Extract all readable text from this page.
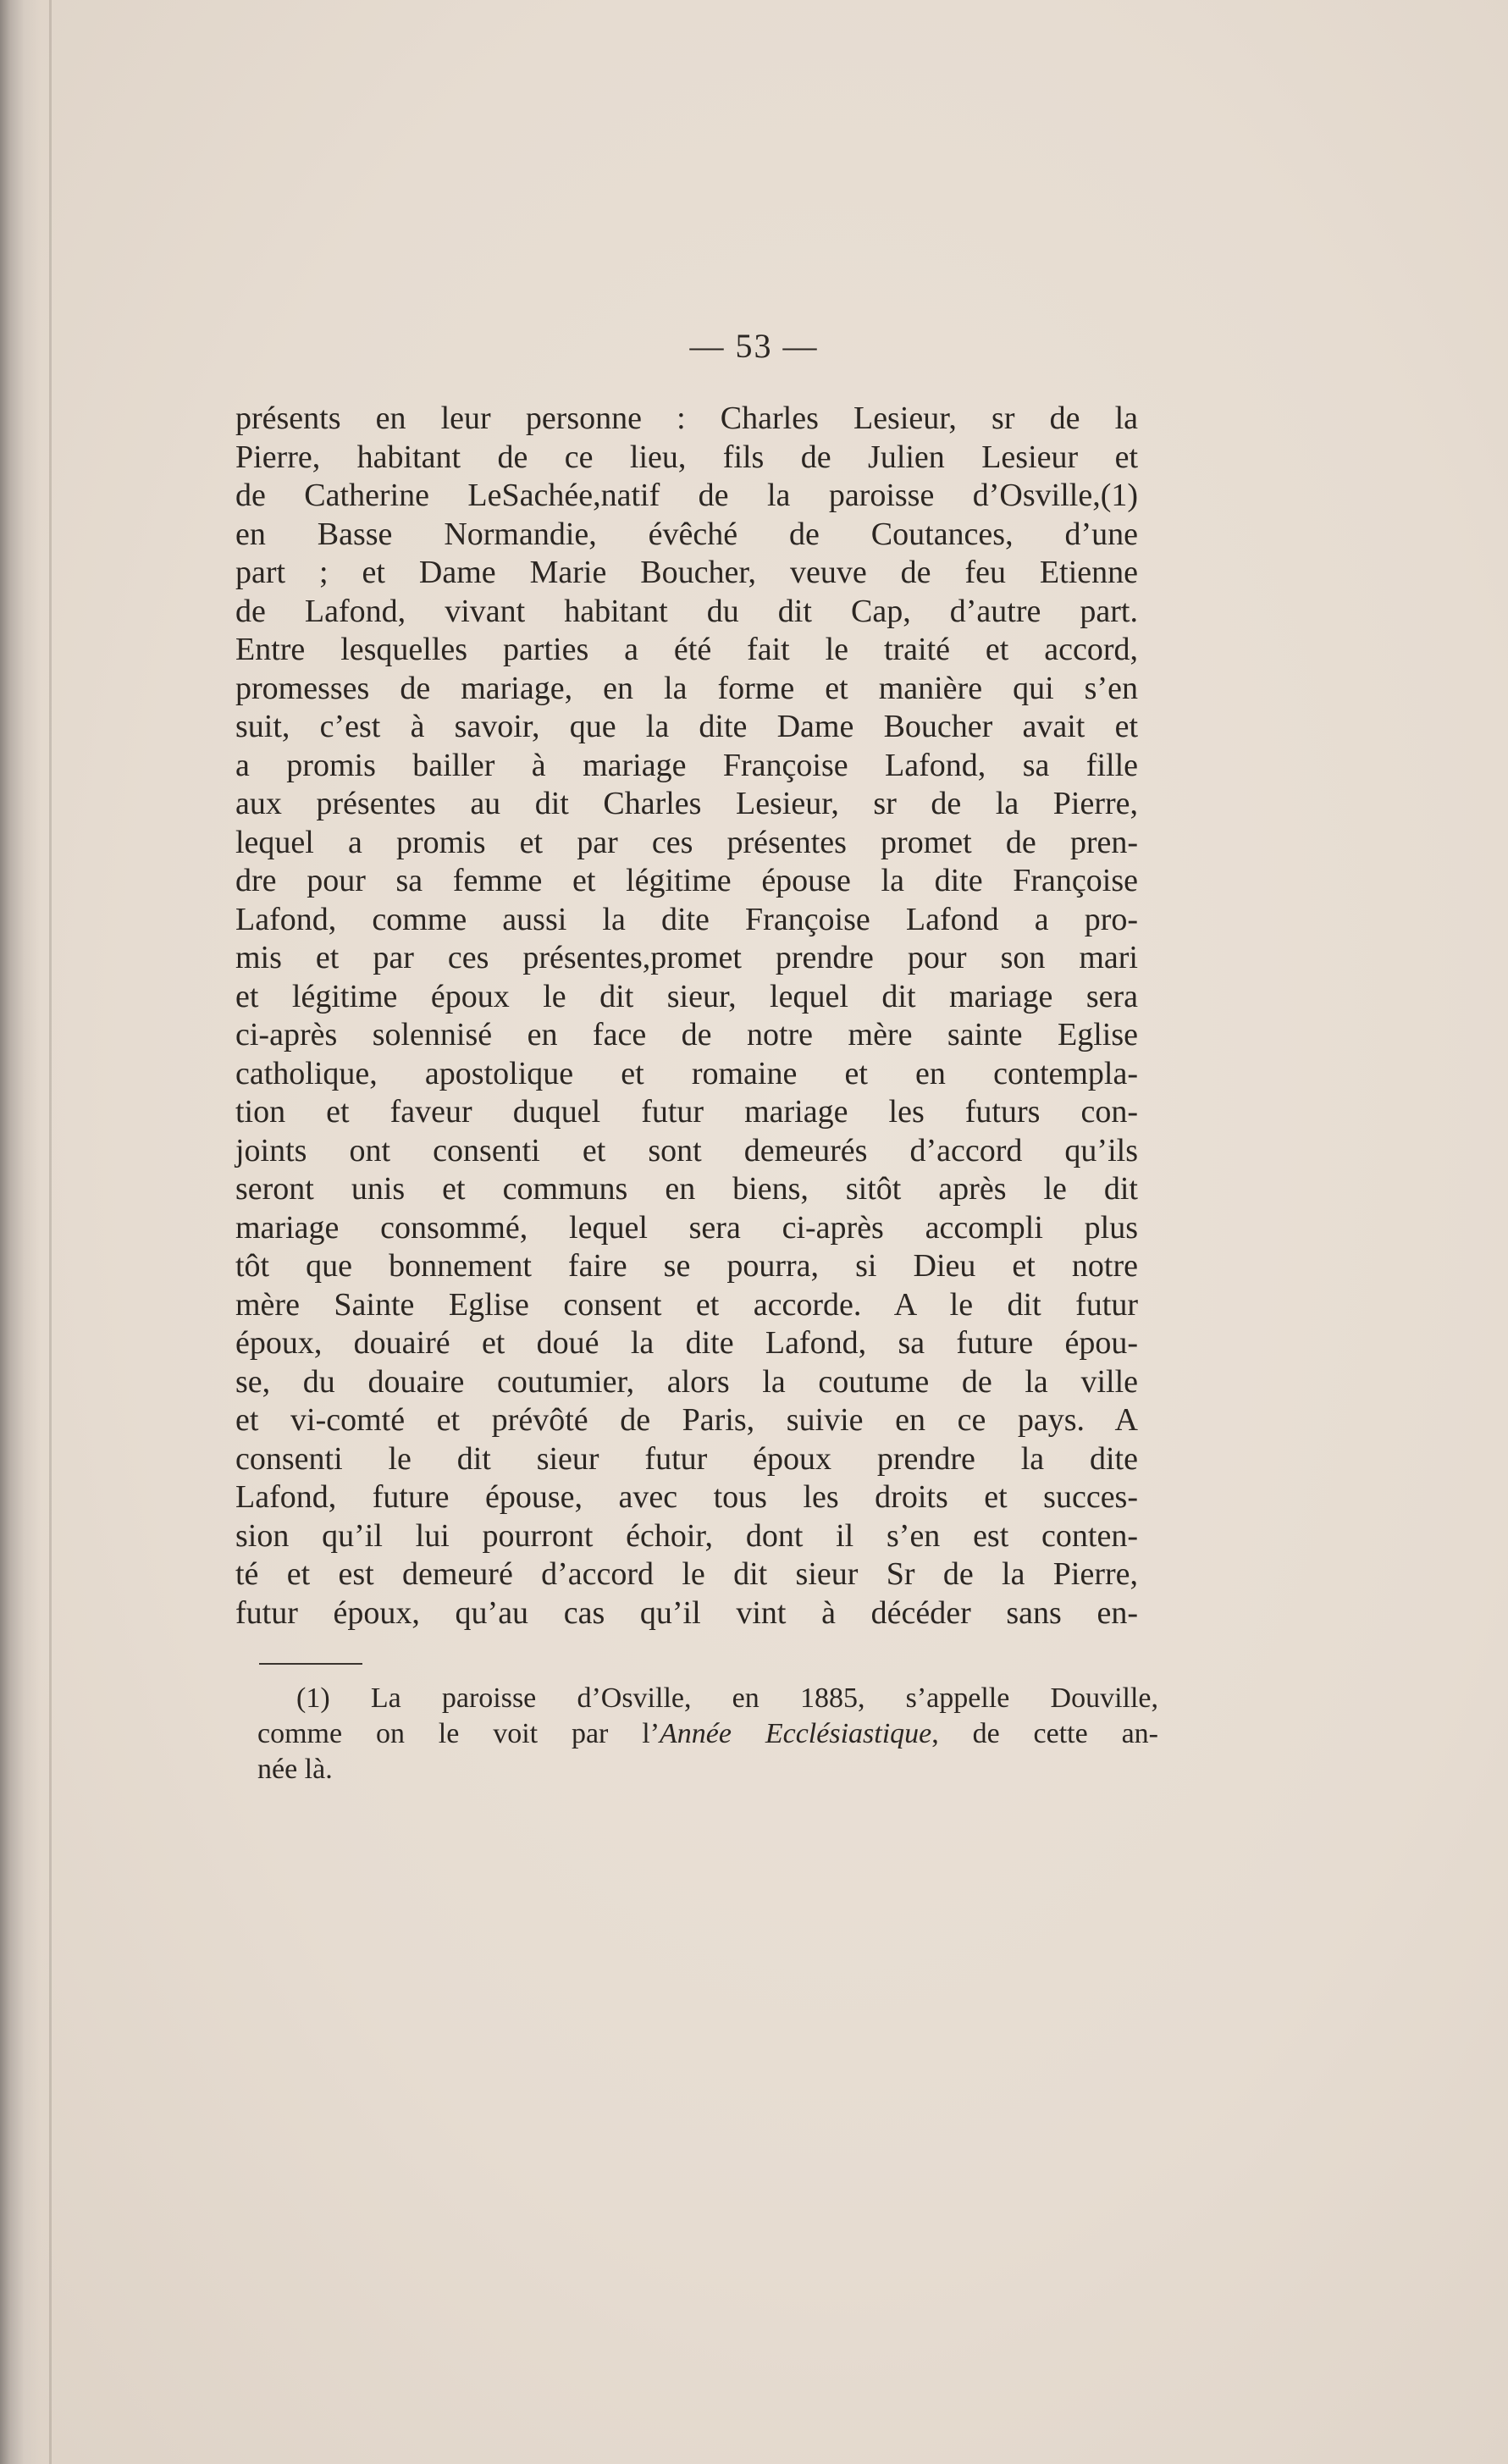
— 53 —
présents en leur personne : Charles Lesieur, sr de la
Pierre, habitant de ce lieu, fils de Julien Lesieur et
de Catherine LeSachée,natif de la paroisse d’Osville,(1)
en Basse Normandie, évêché de Coutances, d’une
part ; et Dame Marie Boucher, veuve de feu Etienne
de Lafond, vivant habitant du dit Cap, d’autre part.
Entre lesquelles parties a été fait le traité et accord,
promesses de mariage, en la forme et manière qui s’en
suit, c’est à savoir, que la dite Dame Boucher avait et
a promis bailler à mariage Françoise Lafond, sa fille
aux présentes au dit Charles Lesieur, sr de la Pierre,
lequel a promis et par ces présentes promet de pren-
dre pour sa femme et légitime épouse la dite Françoise
Lafond, comme aussi la dite Françoise Lafond a pro-
mis et par ces présentes,promet prendre pour son mari
et légitime époux le dit sieur, lequel dit mariage sera
ci-après solennisé en face de notre mère sainte Eglise
catholique, apostolique et romaine et en contempla-
tion et faveur duquel futur mariage les futurs con-
joints ont consenti et sont demeurés d’accord qu’ils
seront unis et communs en biens, sitôt après le dit
mariage consommé, lequel sera ci-après accompli plus
tôt que bonnement faire se pourra, si Dieu et notre
mère Sainte Eglise consent et accorde. A le dit futur
époux, douairé et doué la dite Lafond, sa future épou-
se, du douaire coutumier, alors la coutume de la ville
et vi-comté et prévôté de Paris, suivie en ce pays. A
consenti le dit sieur futur époux prendre la dite
Lafond, future épouse, avec tous les droits et succes-
sion qu’il lui pourront échoir, dont il s’en est conten-
té et est demeuré d’accord le dit sieur Sr de la Pierre,
futur époux, qu’au cas qu’il vint à décéder sans en-
(1) La paroisse d’Osville, en 1885, s’appelle Douville,
comme on le voit par l’Année Ecclésiastique, de cette an-
née là.
